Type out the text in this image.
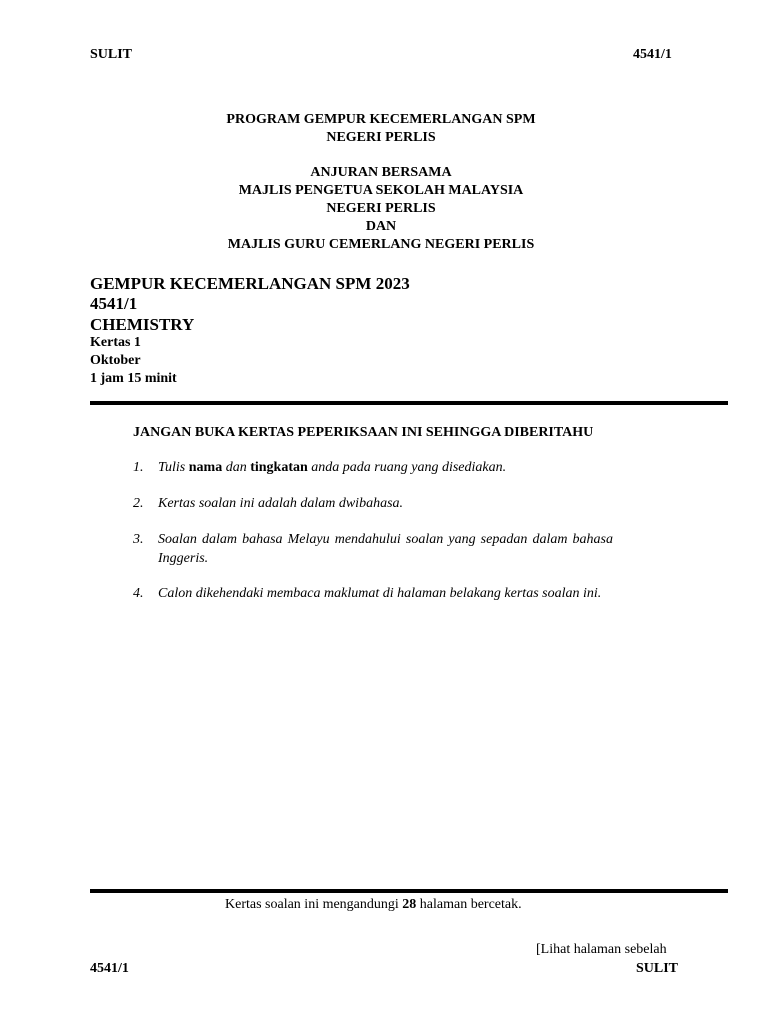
SULIT	4541/1
PROGRAM GEMPUR KECEMERLANGAN SPM
NEGERI PERLIS
ANJURAN BERSAMA
MAJLIS PENGETUA SEKOLAH MALAYSIA
NEGERI PERLIS
DAN
MAJLIS GURU CEMERLANG NEGERI PERLIS
GEMPUR KECEMERLANGAN SPM 2023
4541/1
CHEMISTRY
Kertas 1
Oktober
1 jam 15 minit
JANGAN BUKA KERTAS PEPERIKSAAN INI SEHINGGA DIBERITAHU
1. Tulis nama dan tingkatan anda pada ruang yang disediakan.
2. Kertas soalan ini adalah dalam dwibahasa.
3. Soalan dalam bahasa Melayu mendahului soalan yang sepadan dalam bahasa Inggeris.
4. Calon dikehendaki membaca maklumat di halaman belakang kertas soalan ini.
Kertas soalan ini mengandungi 28 halaman bercetak.
[Lihat halaman sebelah
4541/1	SULIT
